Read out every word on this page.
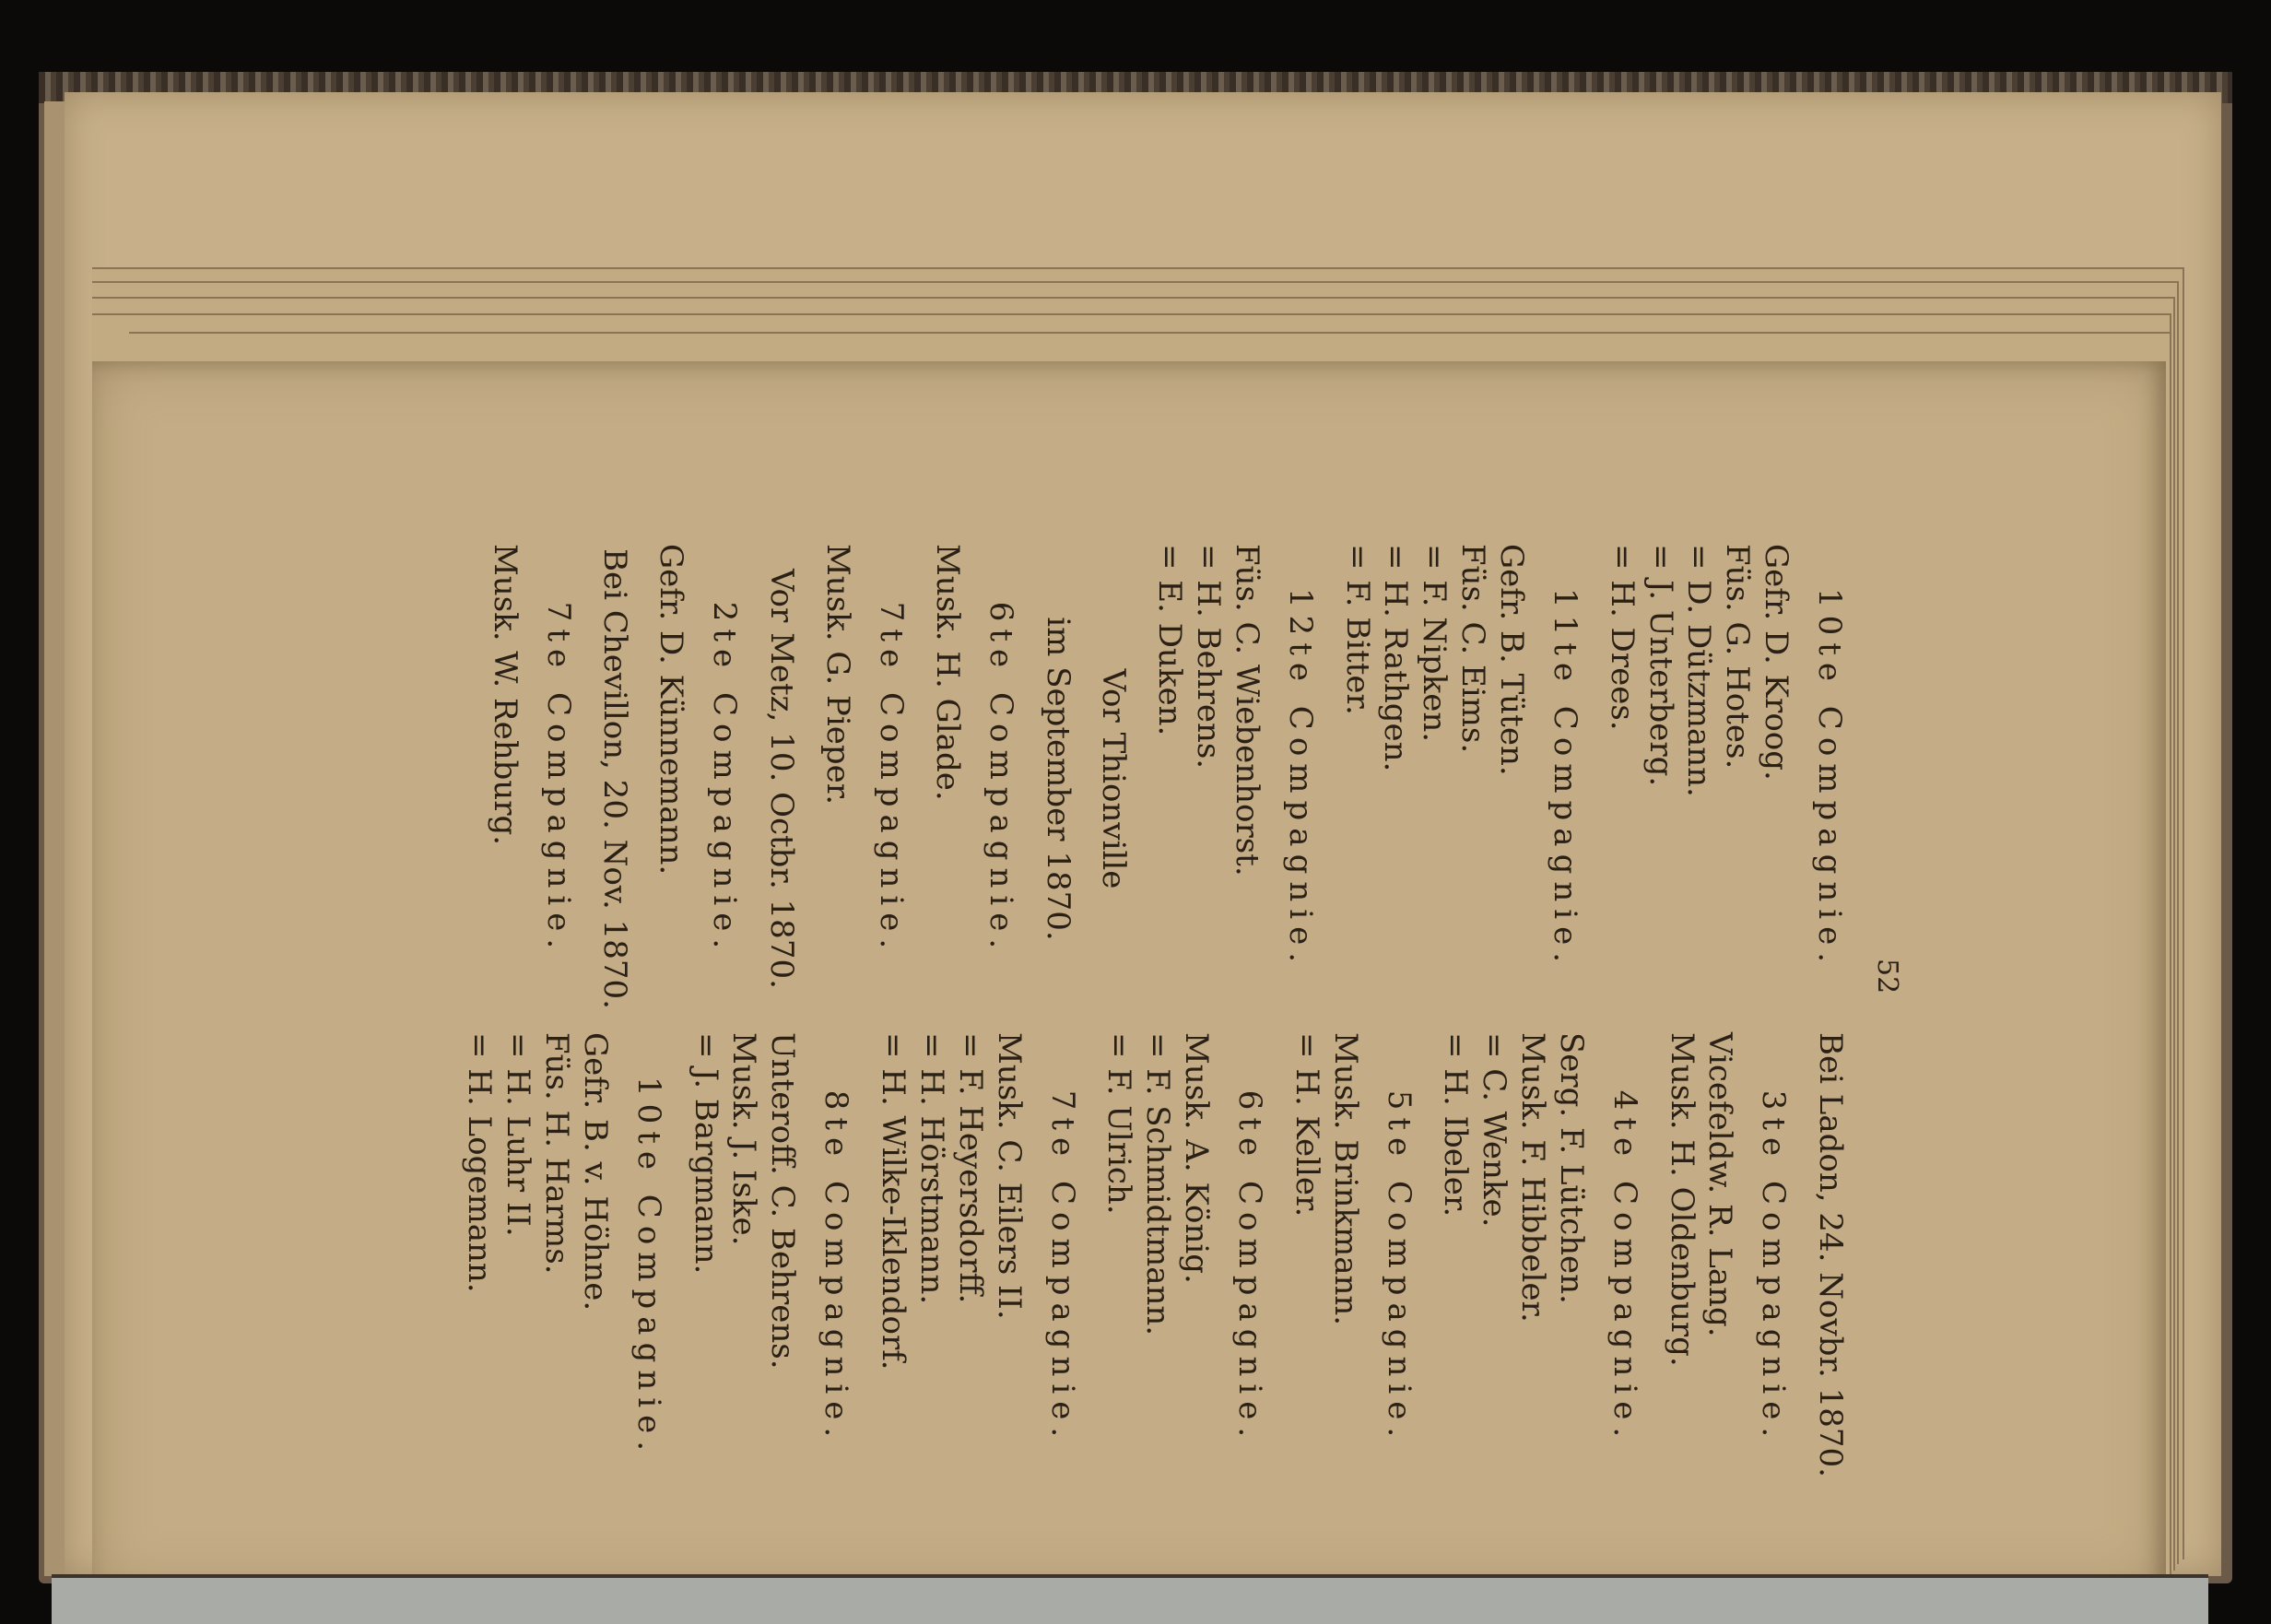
52
10te Compagnie.
Gefr. D. Kroog.
Füs. G. Hotes.
= D. Dützmann.
= J. Unterberg.
= H. Drees.
11te Compagnie.
Gefr. B. Tüten.
Füs. C. Eims.
= F. Nipken.
= H. Rathgen.
= F. Bitter.
12te Compagnie.
Füs. C. Wiebenhorst.
= H. Behrens.
= E. Duken.
Vor Thionville
im September 1870.
6te Compagnie.
Musk. H. Glade.
7te Compagnie.
Musk. G. Pieper.
Vor Metz, 10. Octbr. 1870.
2te Compagnie.
Gefr. D. Künnemann.
Bei Chevillon, 20. Nov. 1870.
7te Compagnie.
Musk. W. Rehburg.
Bei Ladon, 24. Novbr. 1870.
3te Compagnie.
Vicefeldw. R. Lang.
Musk. H. Oldenburg.
4te Compagnie.
Serg. F. Lütchen.
Musk. F. Hibbeler.
= C. Wenke.
= H. Ibeler.
5te Compagnie.
Musk. Brinkmann.
= H. Keller.
6te Compagnie.
Musk. A. König.
= F. Schmidtmann.
= F. Ulrich.
7te Compagnie.
Musk. C. Eilers II.
= F. Heyersdorff.
= H. Hörstmann.
= H. Wilke-Iklendorf.
8te Compagnie.
Unteroff. C. Behrens.
Musk. J. Iske.
= J. Bargmann.
10te Compagnie.
Gefr. B. v. Höhne.
Füs. H. Harms.
= H. Luhr II.
= H. Logemann.
